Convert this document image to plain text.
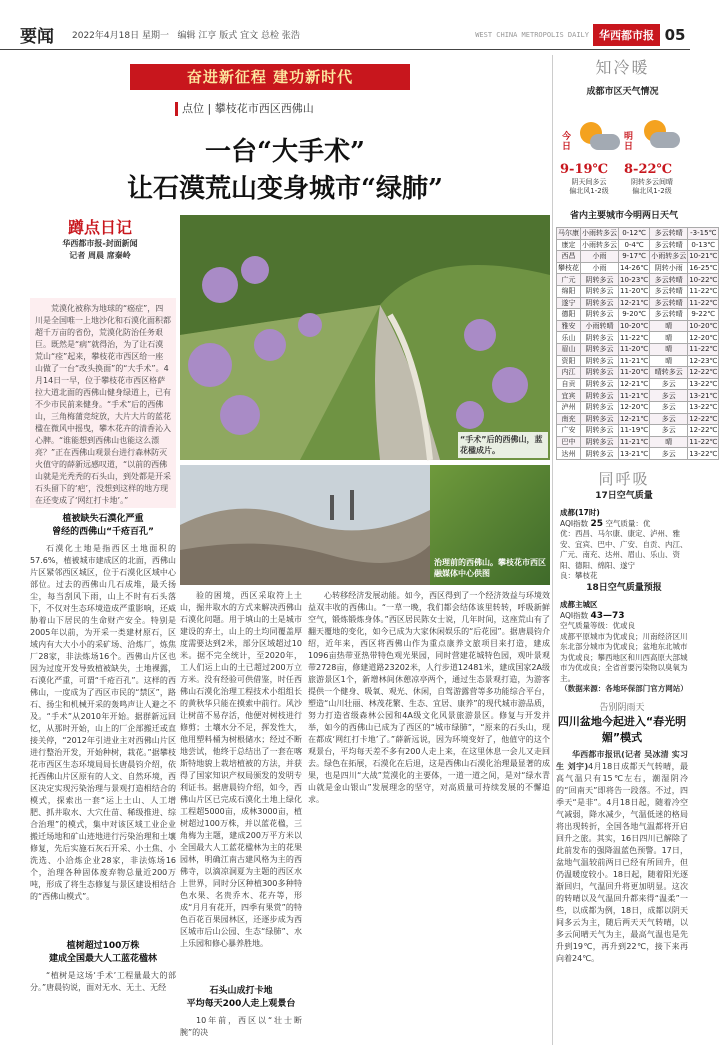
要闻	2022年4月18日 星期一 编辑 江亨 版式 宜文 总检 张浩	WEST CHINA METROPOLIS DAILY 华西都市报 05
奋进新征程 建功新时代
点位 | 攀枝花市西区西佛山
一台“大手术”
让石漠荒山变身城市“绿肺”
蹲点日记
华西都市报-封面新闻
记者 周晨 席秦岭

荒漠化被称为地球的“癌症”，四川是全国唯一上地沙化和石漠化面积都超千万亩的省份，荒漠化防治任务艰巨。既然是“病”就得治，为了让石漠荒山“痊”起来，攀枝花市西区给一座山做了一台“改头换面”的“大手术”。4月14日一早，位于攀枝花市西区格萨拉大道北面的西佛山健身绿道上，已有不少市民前来健身。“手术”后的西佛山，三角梅蒲竞绽放，大片大片的蓝花楹在微风中摇曳，攀木花卉的清香沁入心脾。“谁能想到西佛山也能这么漂亮？”正在西佛山观景台进行森林防灭火值守的薛新远感叹道，“以前的西佛山就是光秃秃的石头山，到处都是开采石头留下的‘疤’，没想到这样的地方现在还变成了‘网红打卡地’。”

植被缺失石漠化严重
曾经的西佛山“千疮百孔”

石漠化土地是指西区土地面积的57.6%，植被城市建成区的北面，西佛山片区紧邻西区城区，位于石漠化区域中心部位。过去的西佛山几石成堆，最夭扬尘，每当刮风下雨，山上不时有石头落下，不仅对生态环境造成严重影响，还威胁着山下居民的生命财产安全。特别是2005年以前，为开采一类建材原石，区域内有大大小小的采矿场、洽炼厂，炼焦厂28家，非法炼场16个。西佛山片区也因为过度开发导致植被缺失，土地裸露，石漠化严重，可谓“千疮百孔”。这样的西佛山，一度成为了西区市民的“禁区”，路石、扬尘和机械开采的轰鸣声让人避之不及。“手术”从2010年开始。据群新远回忆，从那时开始，山上的厂企部搬迁或直接关停，“2012年引进业主对西佛山片区进行整治开发，开始种树，栽花。”据攀枝花市西区生态环境局局长唐晨钧介绍，依托西佛山片区原有的人文、自然环境，西区决定实现污染治理与景观打造相结合的模式，探索出一套“运上土山、人工增肥、抓井取水、大穴仕苗、稀级推进、综合治理”的模式，集中对该区域工业企业搬迁场地和矿山迹地进行污染治理和土壤修复，先后实施石灰石开采、小土焦、小洗选、小洽炼企业28家，非法炼场16个，治理各种固体废弃物总量近200万吨，形成了将生态修复与景区建设相结合的“西佛山模式”。

植树超过100万株
建成全国最大人工蓝花楹林

“植树是这场‘手术’工程量最大的部分。”唐晨钧说，面对无水、无土、无经

“手术”后的西佛山，蓝花楹成片。
治理前的西佛山。攀枝花市西区融媒体中心供图

验的困境，西区采取符上土山，掘井取水的方式来解决西佛山石漠化问题。用于填山的土是城市建设的弃土，山上的土均同覆盖厚度需要达到2米，部分区域超过10米。据不完全统计，至2020年，工人们运上山的土已超过200万立方米。没有经验可供借鉴，时任西佛山石漠化治理工程技术小组组长的黄秋华只能在摸索中前行。风沙让树苗不易存活，他便对树枝进行修剪；土壤水分不足，挥发性大，他用塑料桶为树根储水；经过不断地尝试，他终于总结出了一套在喀斯特地貌上栽培植被的方法，并获得了国家知识产权局颁发的发明专利证书。据唐晨钧介绍，如今，西佛山片区已完成石漠化土地上绿化工程超5000亩，成林3000亩，植树超过100万株，并以蓝花楹，三角梅为主题，建成200万平方米以全国最大人工蓝花楹林为主的花果园林，明确江南古建风格为主的西佛寺，以滴凉洞夏为主题的西区水上世界，同时分区种植300多种特色水果、名贵乔木、花卉等，形成“月月有花开，四季有果赏”的特色百花百果园林区，还逐步成为西区城市后山公园、生态“绿肺”、水上乐园和修心暴养胜地。

石头山成打卡地
平均每天200人走上观景台

10年前，西区以“壮士断腕”的决

心转移经济发展动能。如今，西区得到了一个经济效益与环境效益双丰收的西佛山。“一草一晚，我们都会结体该里转转，呼吸新鲜空气，锻炼锻炼身体。”西区居民陈女士说，几年时间，这座荒山有了翻天覆地的变化，如今已成为大家休闲娱乐的“后花园”。据唐晨钧介绍，近年来，西区将西佛山作为重点康养文旅项目来打造，建成1096亩热带亚热带特色观光果园，同时营建花城特色园，观叶景观带2728亩，修建道路23202米，人行步道12481米，建成国家2A级旅游景区1个，新增林间休憩凉亭两个，通过生态景观打造，为游客提供一个健身、吸氧、观光、休闲，自驾游露营等多功能综合平台，塑造“山川壮丽、林茂花繁、生态、宜居、康养”的现代城市游品质，努力打造省级森林公园和4A级文化风景旅游景区。修复与开发并举，如今的西佛山已成为了西区的“城市绿肺”，“原来的石头山，现在都成‘网红打卡地’了。”薛新远说，因为环境变好了，他值守的这个观景台，平均每天差不多有200人走上来，在这里休息一会儿又走回去。绿色在拓展，石漠化在后退，这是西佛山石漠化治理最显著的成果，也是四川“大战”荒漠化的主要体，一道一道之间，是对“绿水青山就是金山银山”发展理念的坚守，对高质量可持续发展的不懈追求。

知冷暖
成都市区天气情况
今日
9-19℃
阴天间多云
偏北风1-2级
明日
8-22℃
阴转多云间晴
偏北风1-2级
省内主要城市今明两日天气
马尔康	小雨转多云	0-12℃	多云转晴	-3-15℃
康定	小雨转多云	0-4℃	多云转晴	0-13℃
西昌	小雨	9-17℃	小雨转多云	10-21℃
攀枝花	小雨	14-26℃	阴转小雨	16-25℃
广元	阴转多云	10-23℃	多云转晴	10-22℃
绵阳	阴转多云	11-20℃	多云转晴	11-22℃
遂宁	阴转多云	12-21℃	多云转晴	11-22℃
德阳	阴转多云	9-20℃	多云转晴	9-22℃
雅安	小雨转晴	10-20℃	晴	10-20℃
乐山	阴转多云	11-22℃	晴	12-20℃
眉山	阴转多云	11-20℃	晴	11-22℃
资阳	阴转多云	11-21℃	晴	12-23℃
内江	阴转多云	11-20℃	晴转多云	12-22℃
自贡	阴转多云	12-21℃	多云	13-22℃
宜宾	阴转多云	11-21℃	多云	13-21℃
泸州	阴转多云	12-20℃	多云	13-22℃
南充	阴转多云	12-21℃	多云	12-22℃
广安	阴转多云	11-19℃	多云	12-22℃
巴中	阴转多云	11-21℃	晴	11-22℃
达州	阴转多云	13-21℃	多云	13-22℃
同呼吸
17日空气质量
成都(17时)
AQI指数 25 空气质量：优
优：西昌、马尔康、康定、泸州、雅安、宜宾、巴中、广安、自贡、内江、广元、南充、达州、眉山、乐山、资阳、德阳、绵阳、遂宁
良：攀枝花
18日空气质量预报
成都主城区
AQI指数 43—73
空气质量等级：优或良
成都平原城市为优或良；川南经济区川东北部分城市为优或良；盆地东北城市为优或良；攀西地区和川西高原大部城市为优或良；全省首要污染物以臭氧为主。
（数据来源：各地环保部门官方网站）
告别阴雨天
四川盆地今起进入“春光明媚”模式

华西都市报讯(记者 吴冰清 实习生 刘宇)4月18日成都天气转晴，最高气温只有15℃左右，潮湿阴冷的“回南天”即将告一段落。不过，四季天“是非”。4月18日起，随着冷空气减弱，降水减少，气温低迷的格局将出现转折，全国各地气温都将开启回升之旅。其实，16日四川已解除了此前发布的强降温蓝色预警。17日，盆地气温较前两日已经有所回升，但仍温暖度较小。18日起，随着阳光逐渐回归，气温回升将更加明显。这次的转晴以及气温回升都来得“温柔”一些，以成都为例，18日，成都以阴天间多云为主，随后两天天气转晴，以多云间晴天气为主，最高气温也是先升到19℃，再升到22℃，接下来再向着24℃。
